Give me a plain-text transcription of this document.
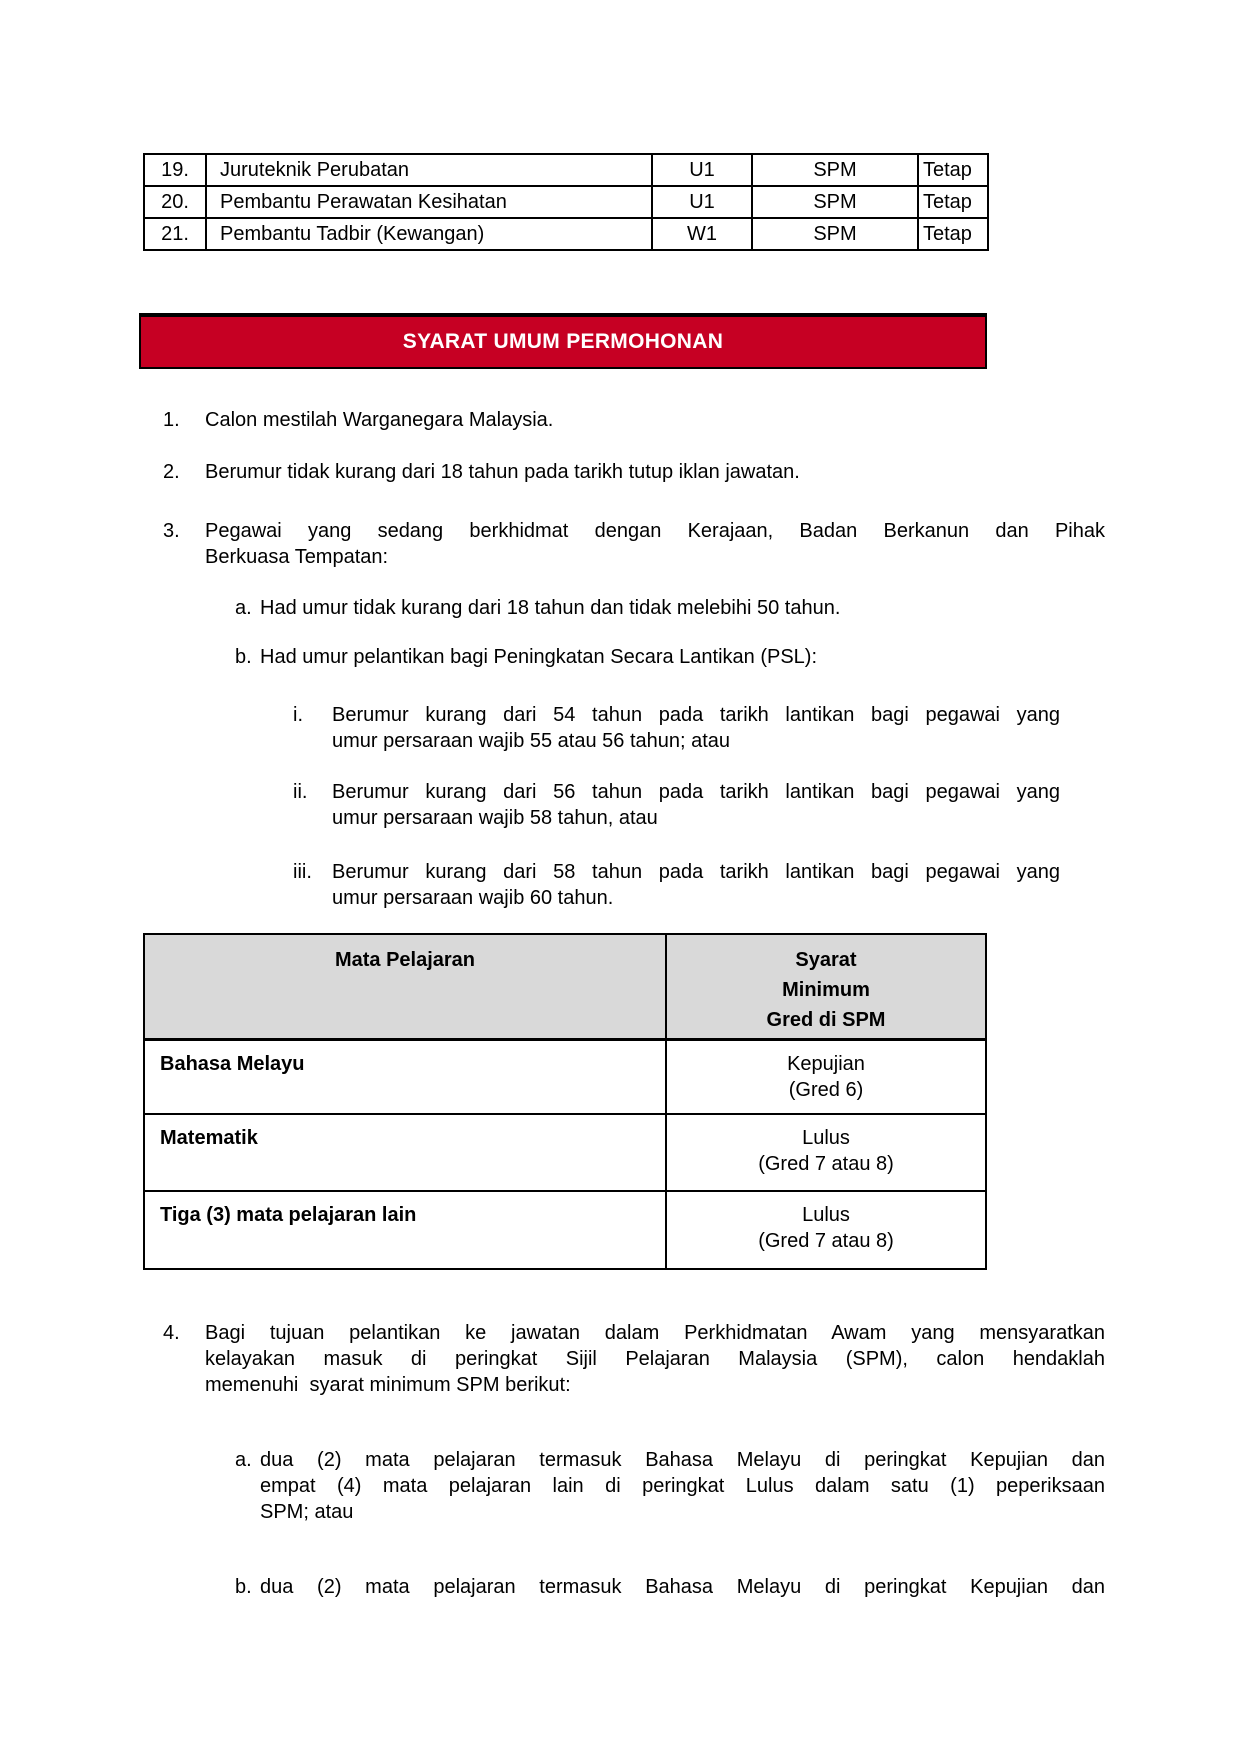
19.	Juruteknik Perubatan	U1	SPM	Tetap
20.	Pembantu Perawatan Kesihatan	U1	SPM	Tetap
21.	Pembantu Tadbir (Kewangan)	W1	SPM	Tetap
SYARAT UMUM PERMOHONAN
1.	Calon mestilah Warganegara Malaysia.
2.	Berumur tidak kurang dari 18 tahun pada tarikh tutup iklan jawatan.
3.	Pegawai yang sedang berkhidmat dengan Kerajaan, Badan Berkanun dan Pihak
Berkuasa Tempatan:
a. Had umur tidak kurang dari 18 tahun dan tidak melebihi 50 tahun.
b. Had umur pelantikan bagi Peningkatan Secara Lantikan (PSL):
i.	Berumur kurang dari 54 tahun pada tarikh lantikan bagi pegawai yang
umur persaraan wajib 55 atau 56 tahun; atau
ii.	Berumur kurang dari 56 tahun pada tarikh lantikan bagi pegawai yang
umur persaraan wajib 58 tahun, atau
iii.	Berumur kurang dari 58 tahun pada tarikh lantikan bagi pegawai yang
umur persaraan wajib 60 tahun.
Mata Pelajaran	Syarat
Minimum
Gred di SPM

Bahasa Melayu	Kepujian
(Gred 6)

Matematik	Lulus
(Gred 7 atau 8)

Tiga (3) mata pelajaran lain	Lulus
(Gred 7 atau 8)
4.	Bagi tujuan pelantikan ke jawatan dalam Perkhidmatan Awam yang mensyaratkan
kelayakan masuk di peringkat Sijil Pelajaran Malaysia (SPM), calon hendaklah
memenuhi  syarat minimum SPM berikut:
a. dua (2) mata pelajaran termasuk Bahasa Melayu di peringkat Kepujian dan
empat (4) mata pelajaran lain di peringkat Lulus dalam satu (1) peperiksaan
SPM; atau
b. dua (2) mata pelajaran termasuk Bahasa Melayu di peringkat Kepujian dan
